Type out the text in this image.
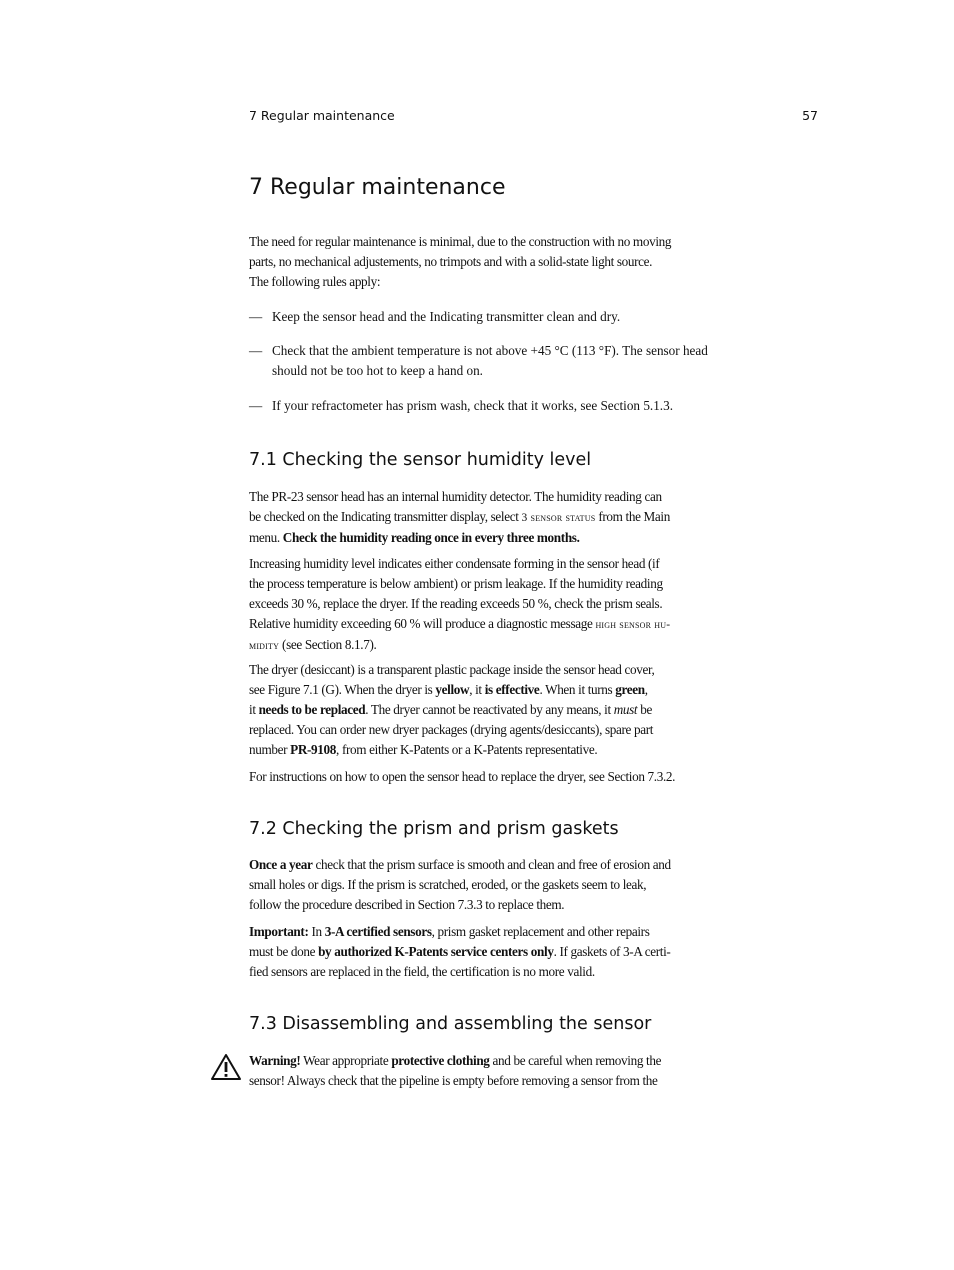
7 Regular maintenance	57
7 Regular maintenance
The need for regular maintenance is minimal, due to the construction with no moving
parts, no mechanical adjustements, no trimpots and with a solid-state light source.
The following rules apply:
— Keep the sensor head and the Indicating transmitter clean and dry.
— Check that the ambient temperature is not above +45 °C (113 °F). The sensor head
should not be too hot to keep a hand on.
— If your refractometer has prism wash, check that it works, see Section 5.1.3.
7.1 Checking the sensor humidity level
The PR-23 sensor head has an internal humidity detector. The humidity reading can
be checked on the Indicating transmitter display, select 3 sensor status from the Main
menu. Check the humidity reading once in every three months.
Increasing humidity level indicates either condensate forming in the sensor head (if
the process temperature is below ambient) or prism leakage. If the humidity reading
exceeds 30 %, replace the dryer. If the reading exceeds 50 %, check the prism seals.
Relative humidity exceeding 60 % will produce a diagnostic message high sensor hu-
midity (see Section 8.1.7).
The dryer (desiccant) is a transparent plastic package inside the sensor head cover,
see Figure 7.1 (G). When the dryer is yellow, it is effective. When it turns green,
it needs to be replaced. The dryer cannot be reactivated by any means, it must be
replaced. You can order new dryer packages (drying agents/desiccants), spare part
number PR-9108, from either K-Patents or a K-Patents representative.
For instructions on how to open the sensor head to replace the dryer, see Section 7.3.2.
7.2 Checking the prism and prism gaskets
Once a year check that the prism surface is smooth and clean and free of erosion and
small holes or digs. If the prism is scratched, eroded, or the gaskets seem to leak,
follow the procedure described in Section 7.3.3 to replace them.
Important: In 3-A certified sensors, prism gasket replacement and other repairs
must be done by authorized K-Patents service centers only. If gaskets of 3-A certi-
fied sensors are replaced in the field, the certification is no more valid.
7.3 Disassembling and assembling the sensor
Warning! Wear appropriate protective clothing and be careful when removing the
sensor! Always check that the pipeline is empty before removing a sensor from the
